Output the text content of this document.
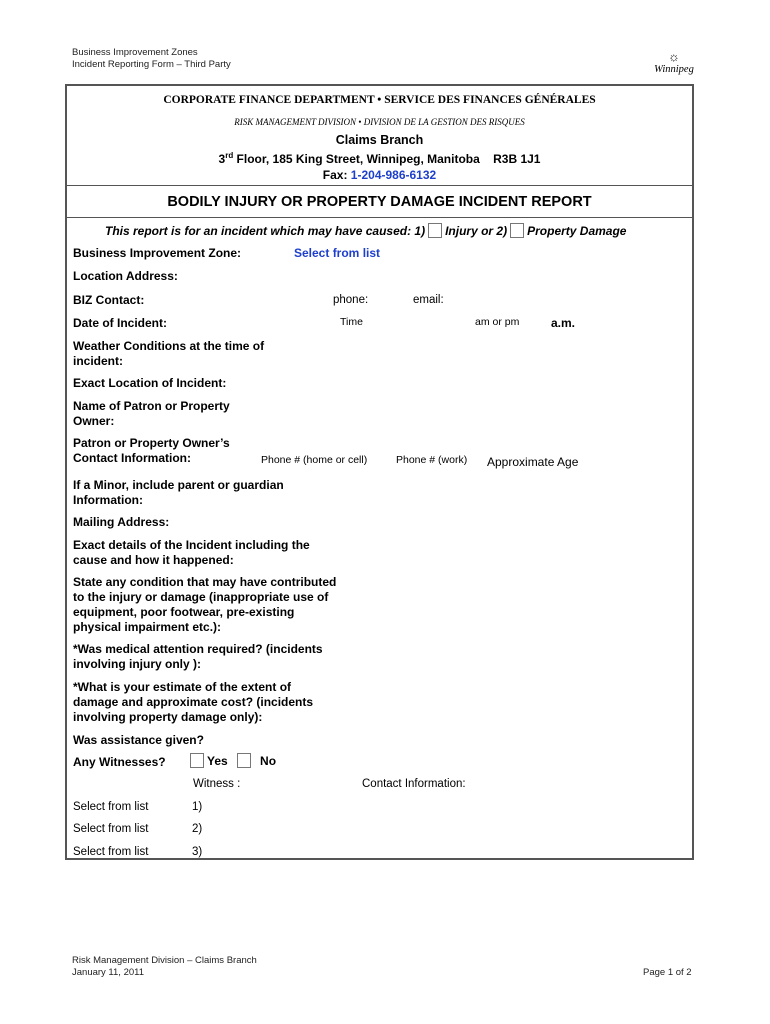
Business Improvement Zones
Incident Reporting Form – Third Party
☼
Winnipeg
CORPORATE FINANCE DEPARTMENT • SERVICE DES FINANCES GÉNÉRALES
RISK MANAGEMENT DIVISION • DIVISION DE LA GESTION DES RISQUES
Claims Branch
3rd Floor, 185 King Street, Winnipeg, Manitoba    R3B 1J1
Fax: 1-204-986-6132
BODILY INJURY OR PROPERTY DAMAGE INCIDENT REPORT
This report is for an incident which may have caused: 1) Injury or 2) Property Damage
Business Improvement Zone:	Select from list
Location Address:
BIZ Contact:	phone:	email:
Date of Incident:	Time	am or pm	a.m.
Weather Conditions at the time of
incident:
Exact Location of Incident:
Name of Patron or Property
Owner:
Patron or Property Owner’s
Contact Information:	Phone # (home or cell)	Phone # (work) Approximate Age
If a Minor, include parent or guardian
Information:
Mailing Address:
Exact details of the Incident including the
cause and how it happened:
State any condition that may have contributed
to the injury or damage (inappropriate use of
equipment, poor footwear, pre-existing
physical impairment etc.):
*Was medical attention required? (incidents
involving injury only ):
*What is your estimate of the extent of
damage and approximate cost? (incidents
involving property damage only):
Was assistance given?
Any Witnesses?	Yes	No
Witness :	Contact Information:
Select from list	1)
Select from list	2)
Select from list	3)
Risk Management Division – Claims Branch
January 11, 2011	Page 1 of 2
